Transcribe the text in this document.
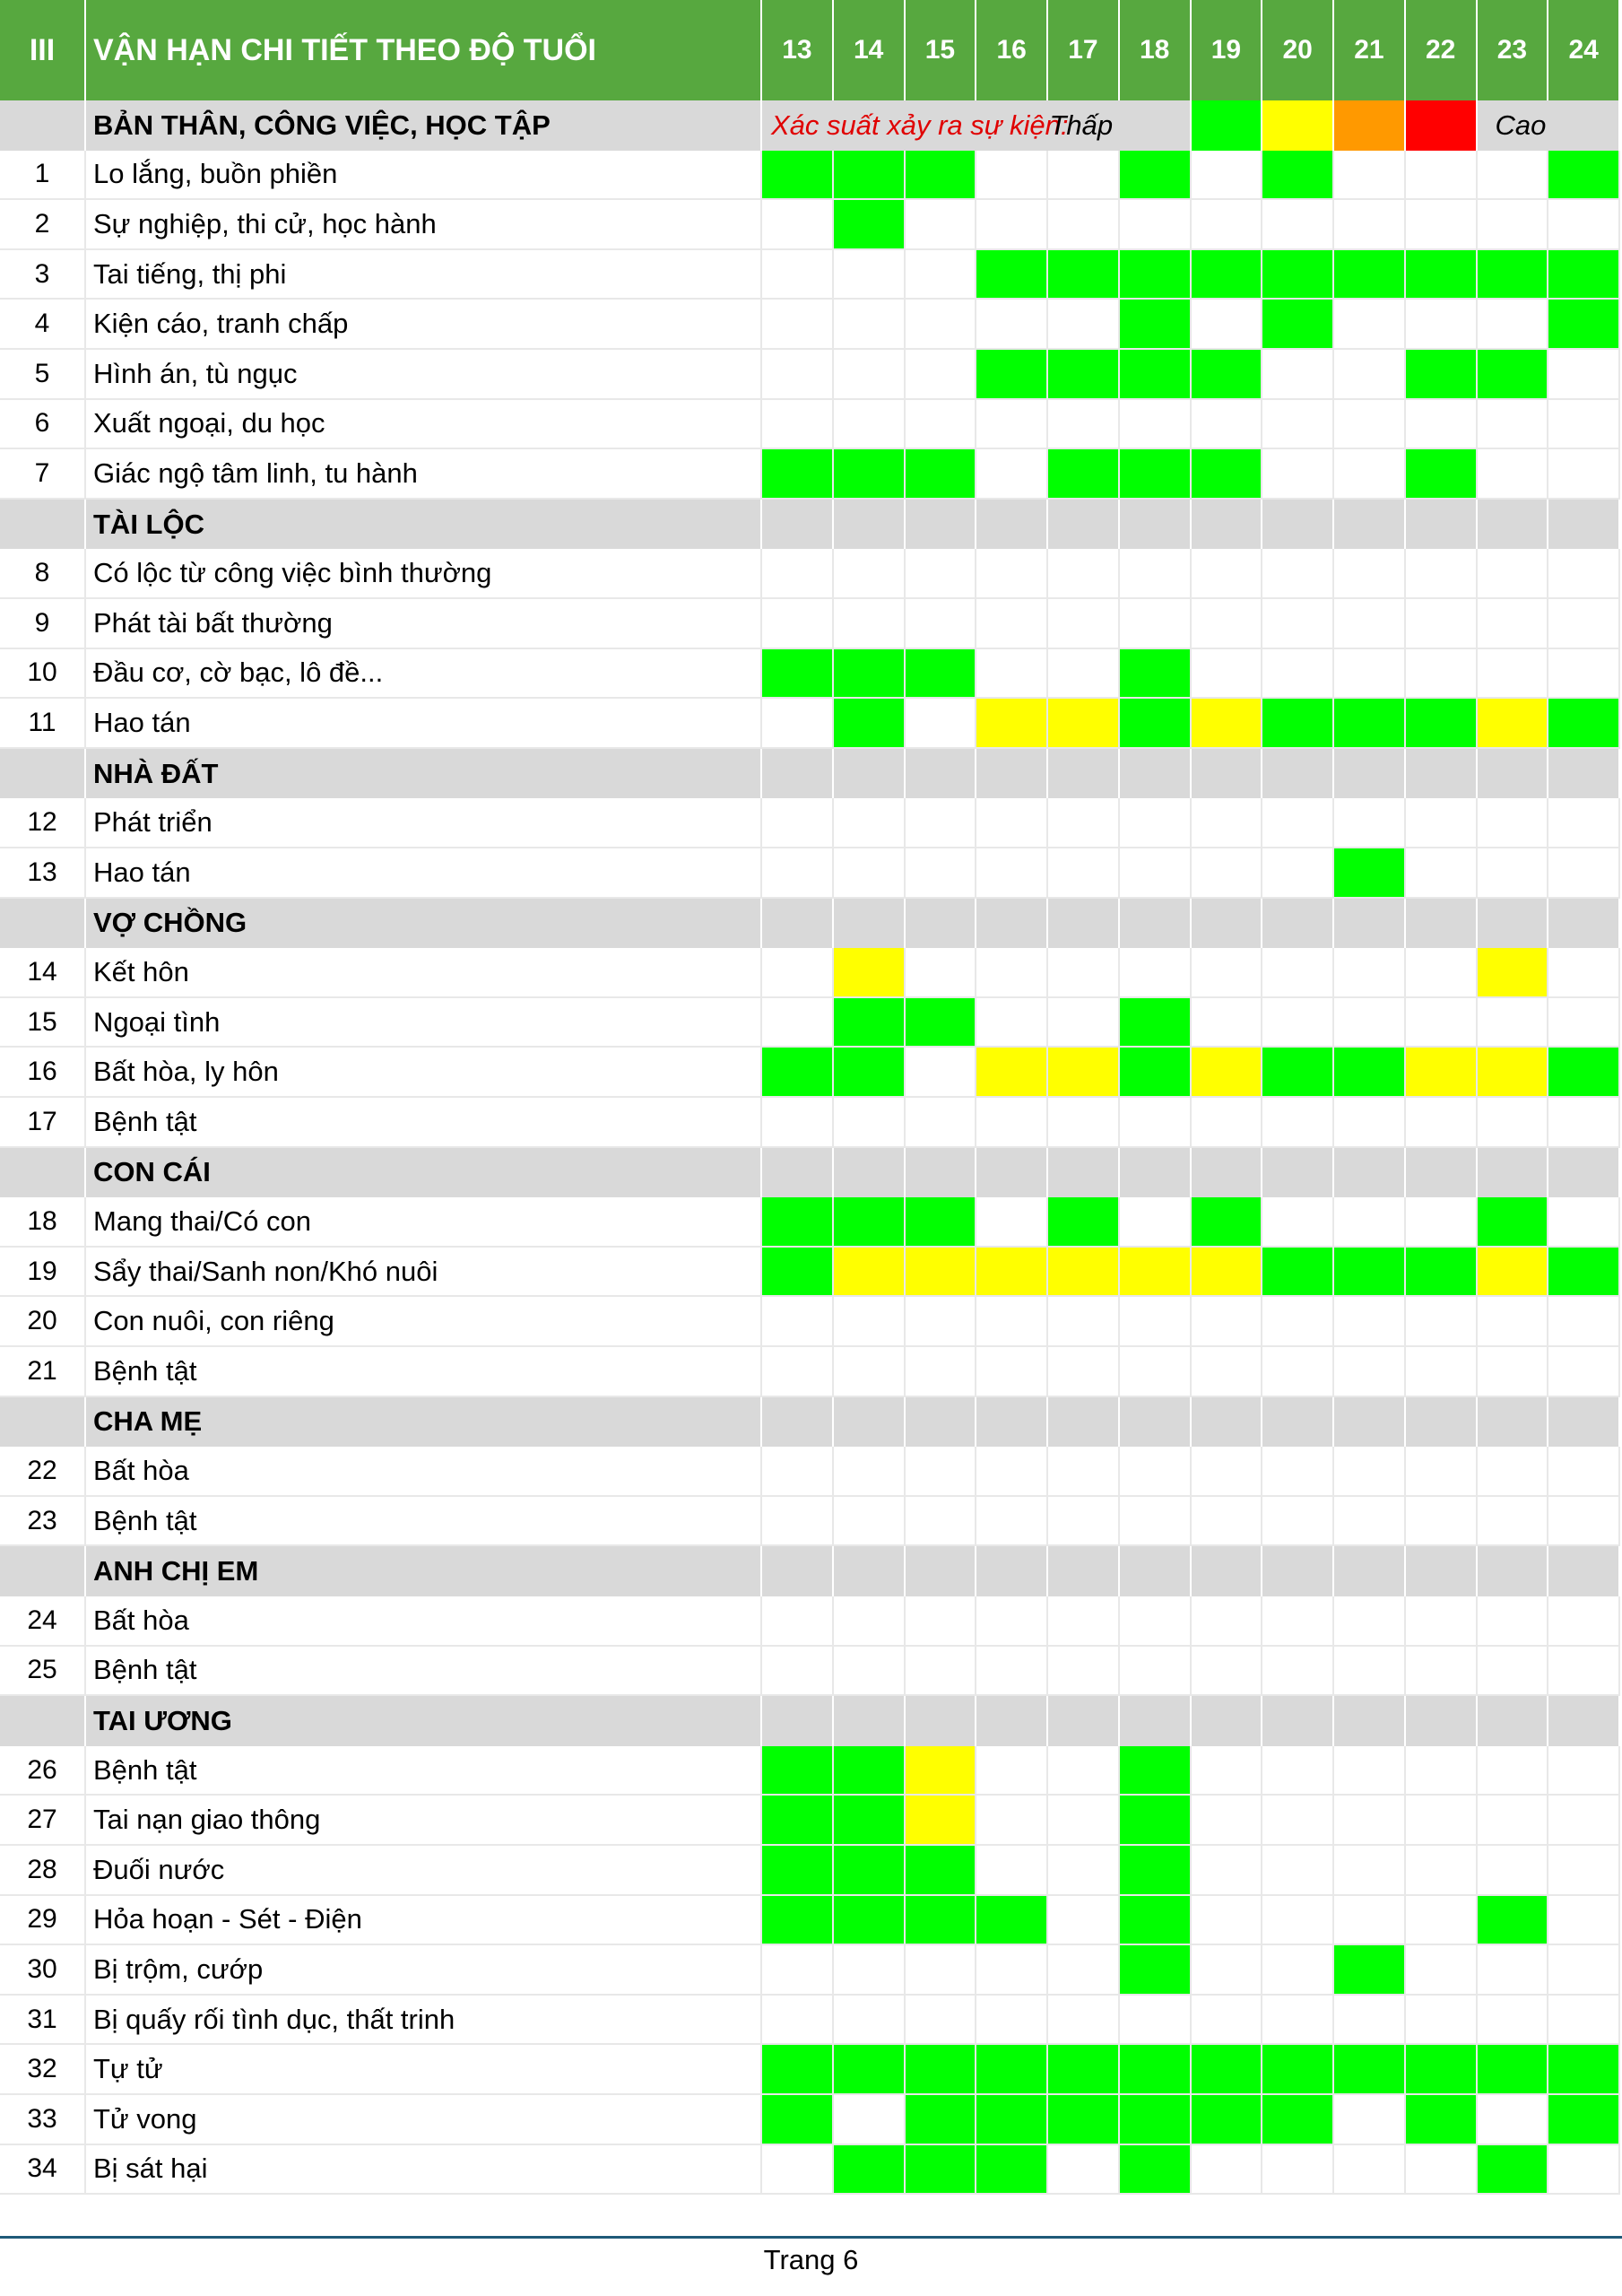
III	VẬN HẠN CHI TIẾT THEO ĐỘ TUỔI	13	14	15	16	17	18	19	20	21	22	23	24
BẢN THÂN, CÔNG VIỆC, HỌC TẬP	Xác suất xảy ra sự kiện:
Thấp	Cao
1	Lo lắng, buồn phiền
2	Sự nghiệp, thi cử, học hành
3	Tai tiếng, thị phi
4	Kiện cáo, tranh chấp
5	Hình án, tù ngục
6	Xuất ngoại, du học
7	Giác ngộ tâm linh, tu hành
TÀI LỘC
8	Có lộc từ công việc bình thường
9	Phát tài bất thường
10	Đầu cơ, cờ bạc, lô đề...
11	Hao tán
NHÀ ĐẤT
12	Phát triển
13	Hao tán
VỢ CHỒNG
14	Kết hôn
15	Ngoại tình
16	Bất hòa, ly hôn
17	Bệnh tật
CON CÁI
18	Mang thai/Có con
19	Sẩy thai/Sanh non/Khó nuôi
20	Con nuôi, con riêng
21	Bệnh tật
CHA MẸ
22	Bất hòa
23	Bệnh tật
ANH CHỊ EM
24	Bất hòa
25	Bệnh tật
TAI ƯƠNG
26	Bệnh tật
27	Tai nạn giao thông
28	Đuối nước
29	Hỏa hoạn - Sét - Điện
30	Bị trộm, cướp
31	Bị quấy rối tình dục, thất trinh
32	Tự tử
33	Tử vong
34	Bị sát hại
Trang 6
